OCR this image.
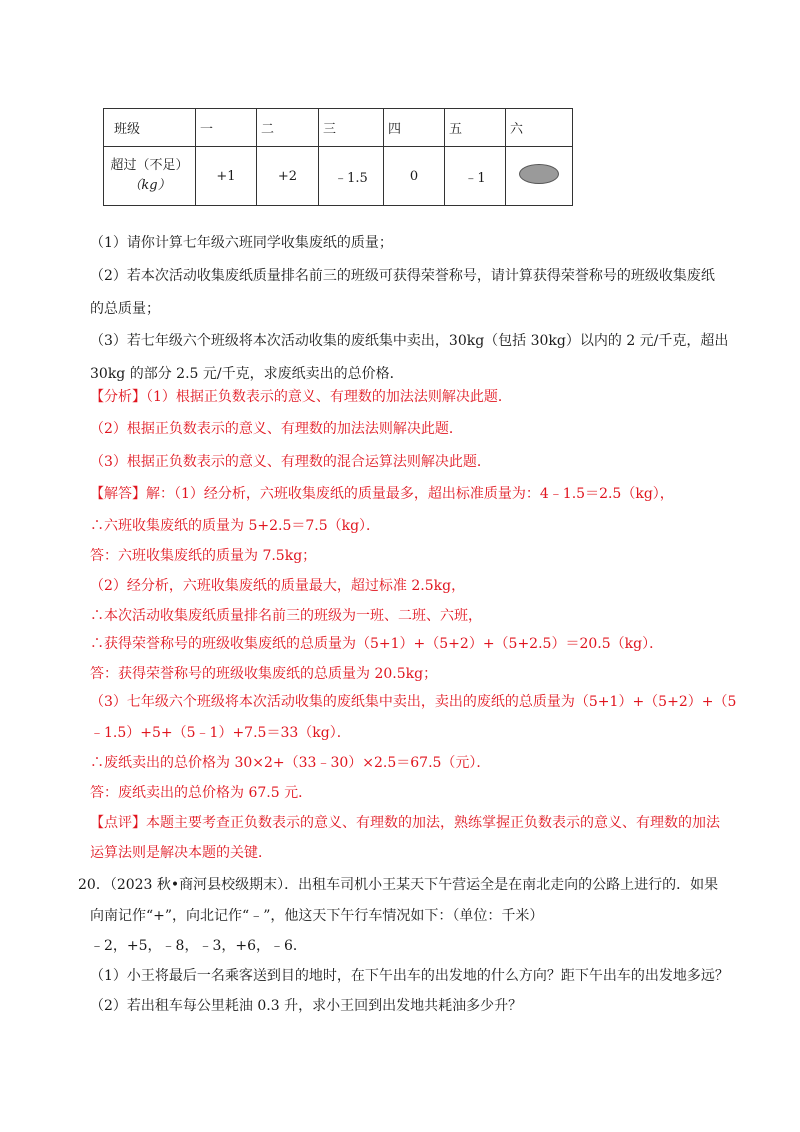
班级	一	二	三	四	五	六

超过（不足）
（kg）	+1	+2	﹣1.5	0	﹣1	
（1）请你计算七年级六班同学收集废纸的质量；
（2）若本次活动收集废纸质量排名前三的班级可获得荣誉称号，请计算获得荣誉称号的班级收集废纸
的总质量；
（3）若七年级六个班级将本次活动收集的废纸集中卖出，30kg（包括 30kg）以内的 2 元/千克，超出
30kg 的部分 2.5 元/千克，求废纸卖出的总价格．
【分析】（1）根据正负数表示的意义、有理数的加法法则解决此题．
（2）根据正负数表示的意义、有理数的加法法则解决此题．
（3）根据正负数表示的意义、有理数的混合运算法则解决此题．
【解答】解：（1）经分析，六班收集废纸的质量最多，超出标准质量为：4﹣1.5＝2.5（kg），
∴六班收集废纸的质量为 5+2.5＝7.5（kg）．
答：六班收集废纸的质量为 7.5kg；
（2）经分析，六班收集废纸的质量最大，超过标准 2.5kg，
∴本次活动收集废纸质量排名前三的班级为一班、二班、六班，
∴获得荣誉称号的班级收集废纸的总质量为（5+1）+（5+2）+（5+2.5）＝20.5（kg）．
答：获得荣誉称号的班级收集废纸的总质量为 20.5kg；
（3）七年级六个班级将本次活动收集的废纸集中卖出，卖出的废纸的总质量为（5+1）+（5+2）+（5
﹣1.5）+5+（5﹣1）+7.5＝33（kg）．
∴废纸卖出的总价格为 30×2+（33﹣30）×2.5＝67.5（元）．
答：废纸卖出的总价格为 67.5 元．
【点评】本题主要考查正负数表示的意义、有理数的加法，熟练掌握正负数表示的意义、有理数的加法
运算法则是解决本题的关键．
20．（2023 秋•商河县校级期末）．出租车司机小王某天下午营运全是在南北走向的公路上进行的．如果
向南记作“+”，向北记作“﹣”，他这天下午行车情况如下：（单位：千米）
﹣2，+5，﹣8，﹣3，+6，﹣6．
（1）小王将最后一名乘客送到目的地时，在下午出车的出发地的什么方向？距下午出车的出发地多远？
（2）若出租车每公里耗油 0.3 升，求小王回到出发地共耗油多少升？
